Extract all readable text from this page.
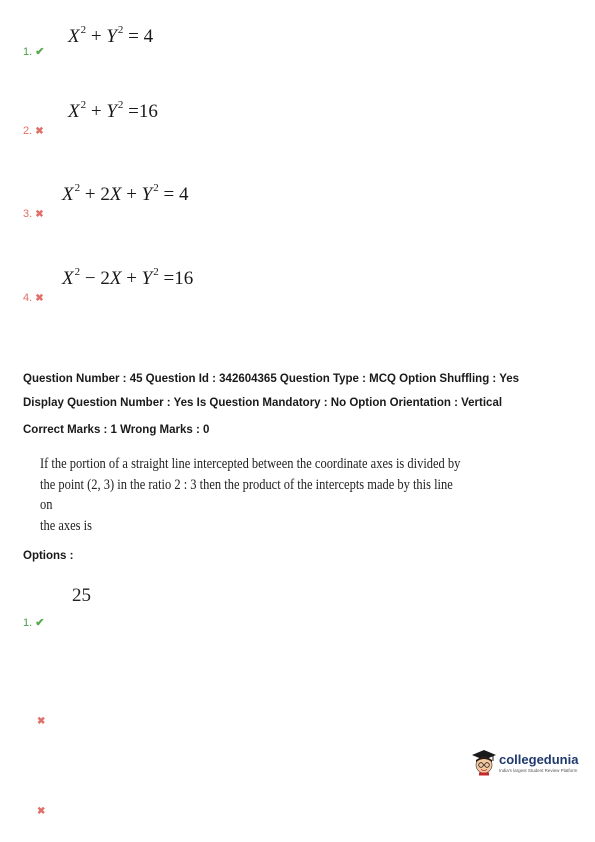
1. ✔
$X^2 + Y^2 = 4$
2. ✖
$X^2 + Y^2 =16$
3. ✖
$X^2 + 2X + Y^2 = 4$
4. ✖
$X^2 - 2X + Y^2 =16$
Question Number : 45 Question Id : 342604365 Question Type : MCQ Option Shuffling : Yes
Display Question Number : Yes Is Question Mandatory : No Option Orientation : Vertical
Correct Marks : 1 Wrong Marks : 0
If the portion of a straight line intercepted between the coordinate axes is divided by
the point (2, 3) in the ratio 2 : 3 then the product of the intercepts made by this line on
the axes is
Options :
25
1. ✔
✖
✖
collegedunia
India's largest Student Review Platform
